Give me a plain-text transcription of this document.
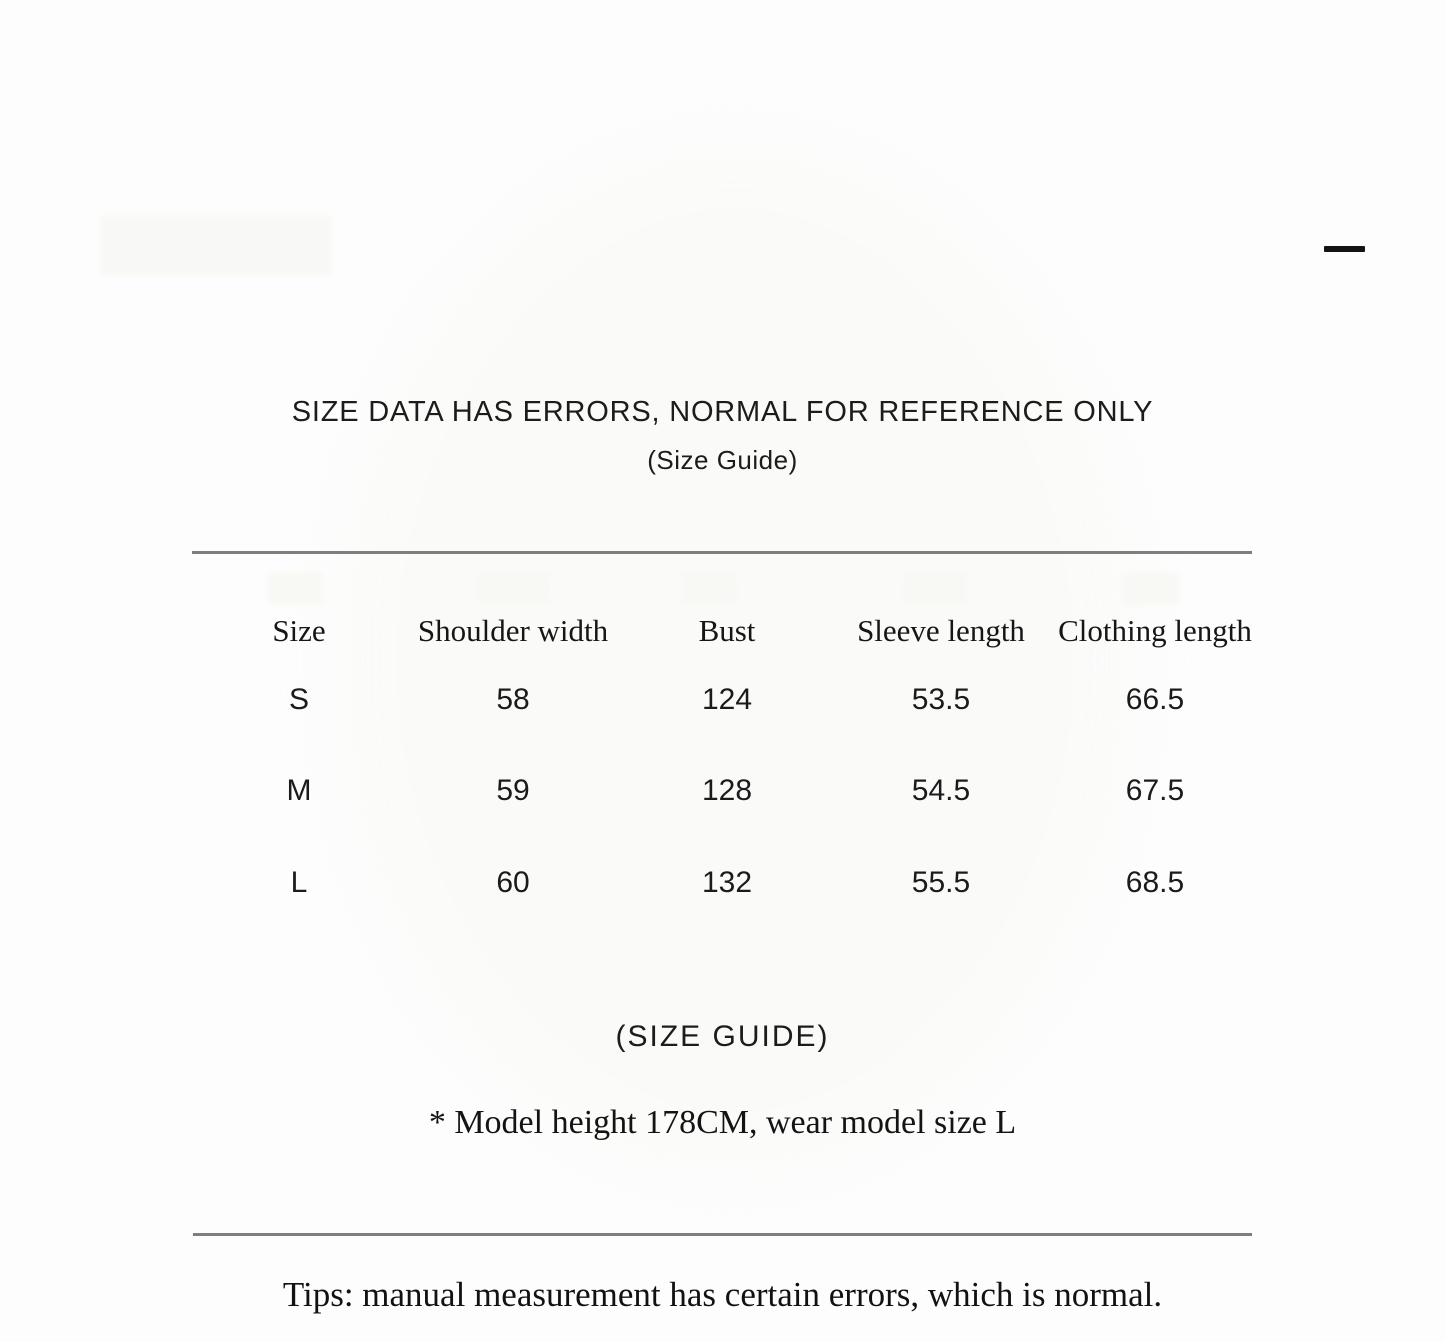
SIZE DATA HAS ERRORS, NORMAL FOR REFERENCE ONLY
(Size Guide)
Size	Shoulder width	Bust	Sleeve length	Clothing length
S	58	124	53.5	66.5
M	59	128	54.5	67.5
L	60	132	55.5	68.5
(SIZE GUIDE)
* Model height 178CM, wear model size L
Tips: manual measurement has certain errors, which is normal.
